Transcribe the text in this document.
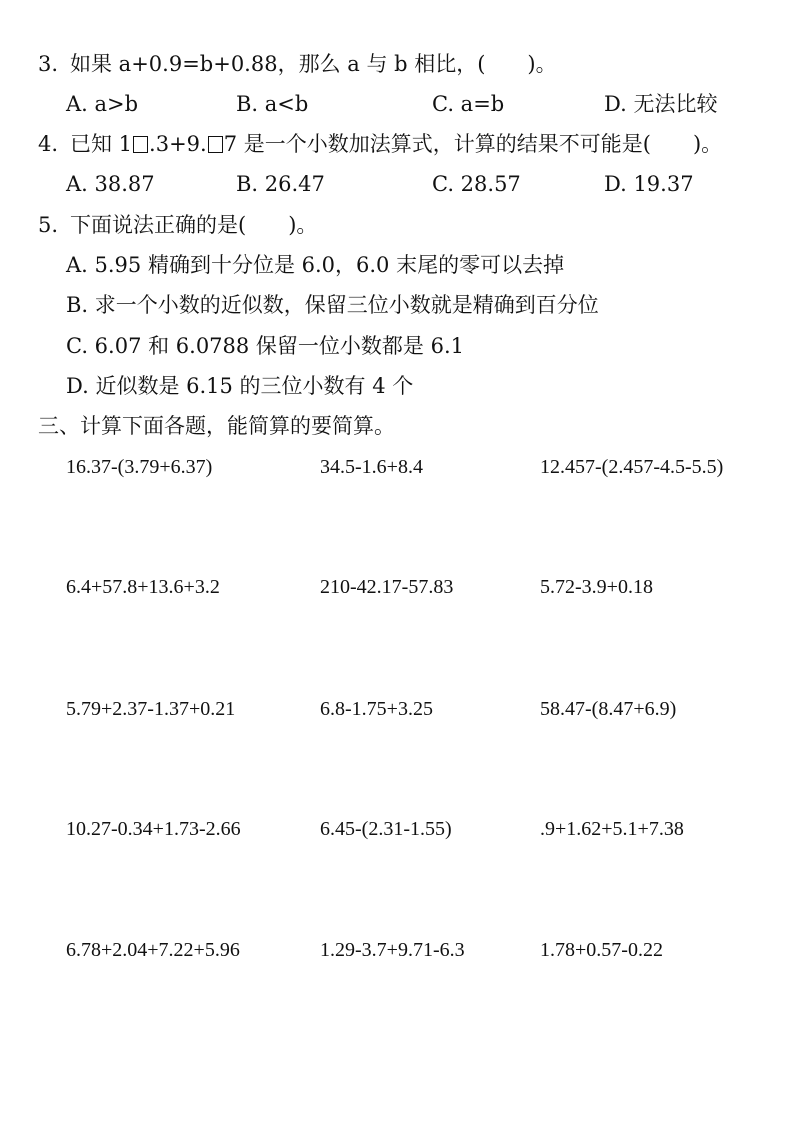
3. 如果 a+0.9=b+0.88，那么 a 与 b 相比，(　　)。
A. a>b	B. a<b	C. a=b	D. 无法比较
4. 已知 1 .3+9. 7 是一个小数加法算式，计算的结果不可能是(　　)。
A. 38.87	B. 26.47	C. 28.57	D. 19.37
5. 下面说法正确的是(　　)。
A. 5.95 精确到十分位是 6.0，6.0 末尾的零可以去掉
B. 求一个小数的近似数，保留三位小数就是精确到百分位
C. 6.07 和 6.0788 保留一位小数都是 6.1
D. 近似数是 6.15 的三位小数有 4 个
三、计算下面各题，能简算的要简算。
16.37-(3.79+6.37)	34.5-1.6+8.4	12.457-(2.457-4.5-5.5)
6.4+57.8+13.6+3.2	210-42.17-57.83	5.72-3.9+0.18
5.79+2.37-1.37+0.21	6.8-1.75+3.25	58.47-(8.47+6.9)
10.27-0.34+1.73-2.66	6.45-(2.31-1.55)	.9+1.62+5.1+7.38
6.78+2.04+7.22+5.96	1.29-3.7+9.71-6.3	1.78+0.57-0.22
